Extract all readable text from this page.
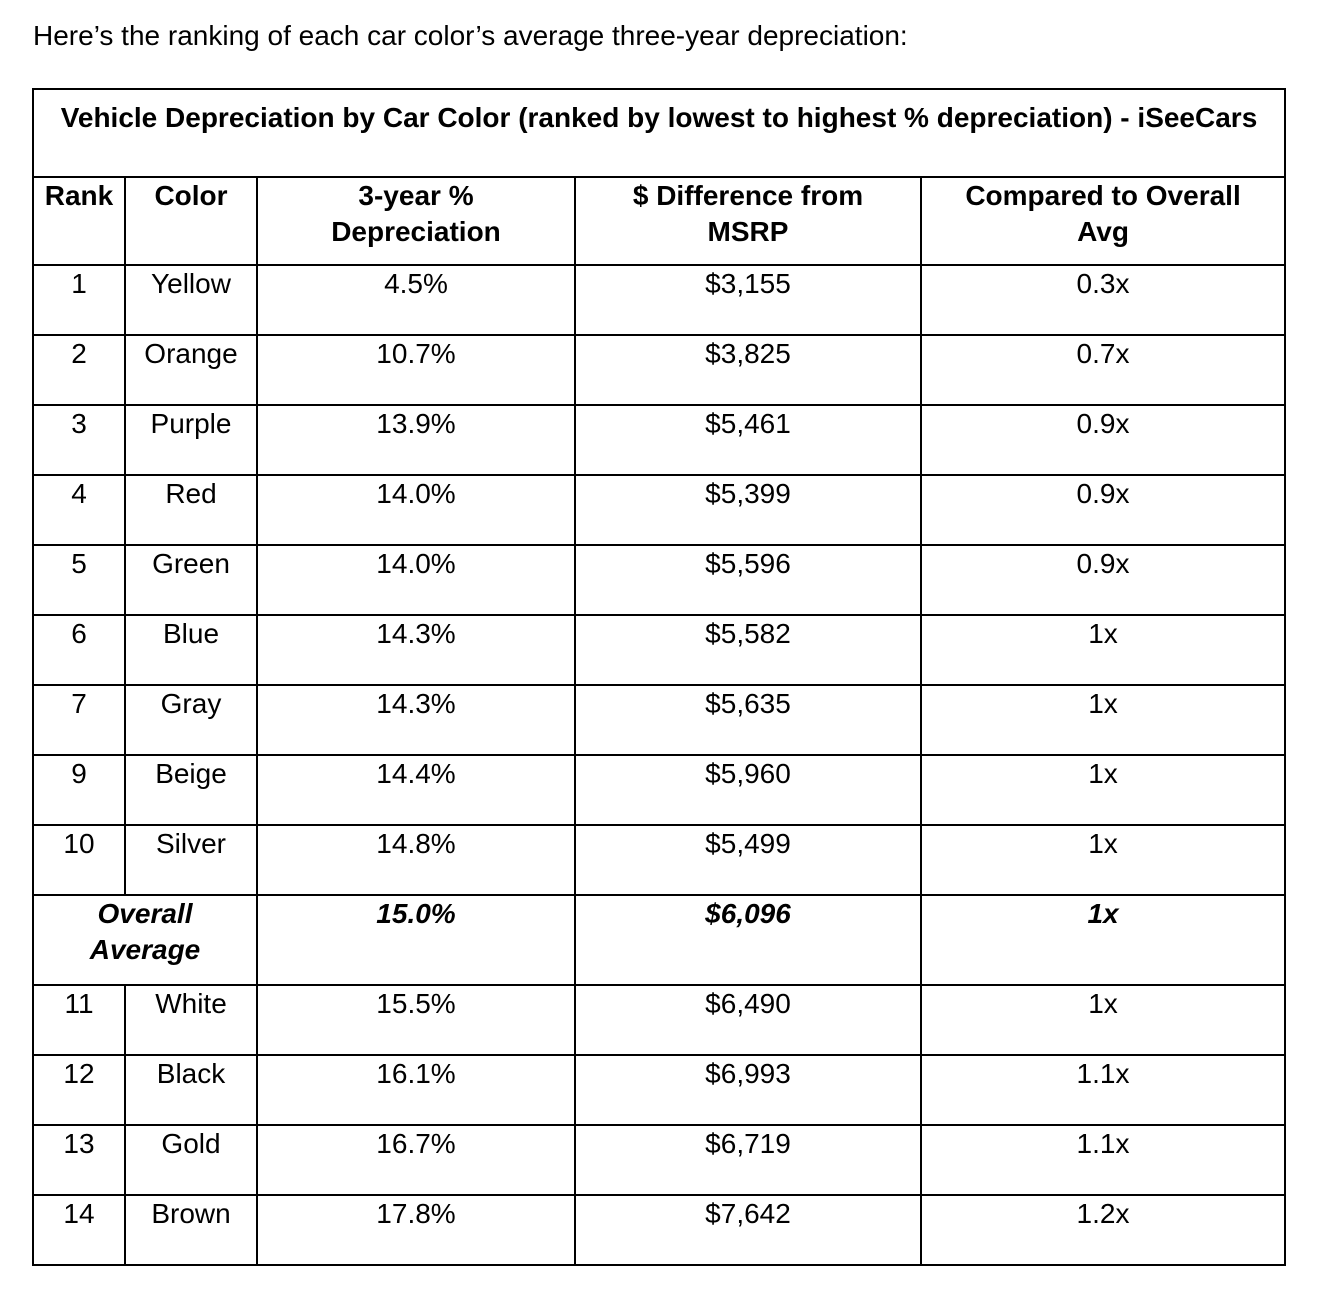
Here’s the ranking of each car color’s average three-year depreciation:

Vehicle Depreciation by Car Color (ranked by lowest to highest % depreciation) - iSeeCars				
Rank	Color	3-year % Depreciation	$ Difference from MSRP	Compared to Overall Avg
1	Yellow	4.5%	$3,155	0.3x
2	Orange	10.7%	$3,825	0.7x
3	Purple	13.9%	$5,461	0.9x
4	Red	14.0%	$5,399	0.9x
5	Green	14.0%	$5,596	0.9x
6	Blue	14.3%	$5,582	1x
7	Gray	14.3%	$5,635	1x
9	Beige	14.4%	$5,960	1x
10	Silver	14.8%	$5,499	1x
Overall Average		15.0%	$6,096	1x
11	White	15.5%	$6,490	1x
12	Black	16.1%	$6,993	1.1x
13	Gold	16.7%	$6,719	1.1x
14	Brown	17.8%	$7,642	1.2x
